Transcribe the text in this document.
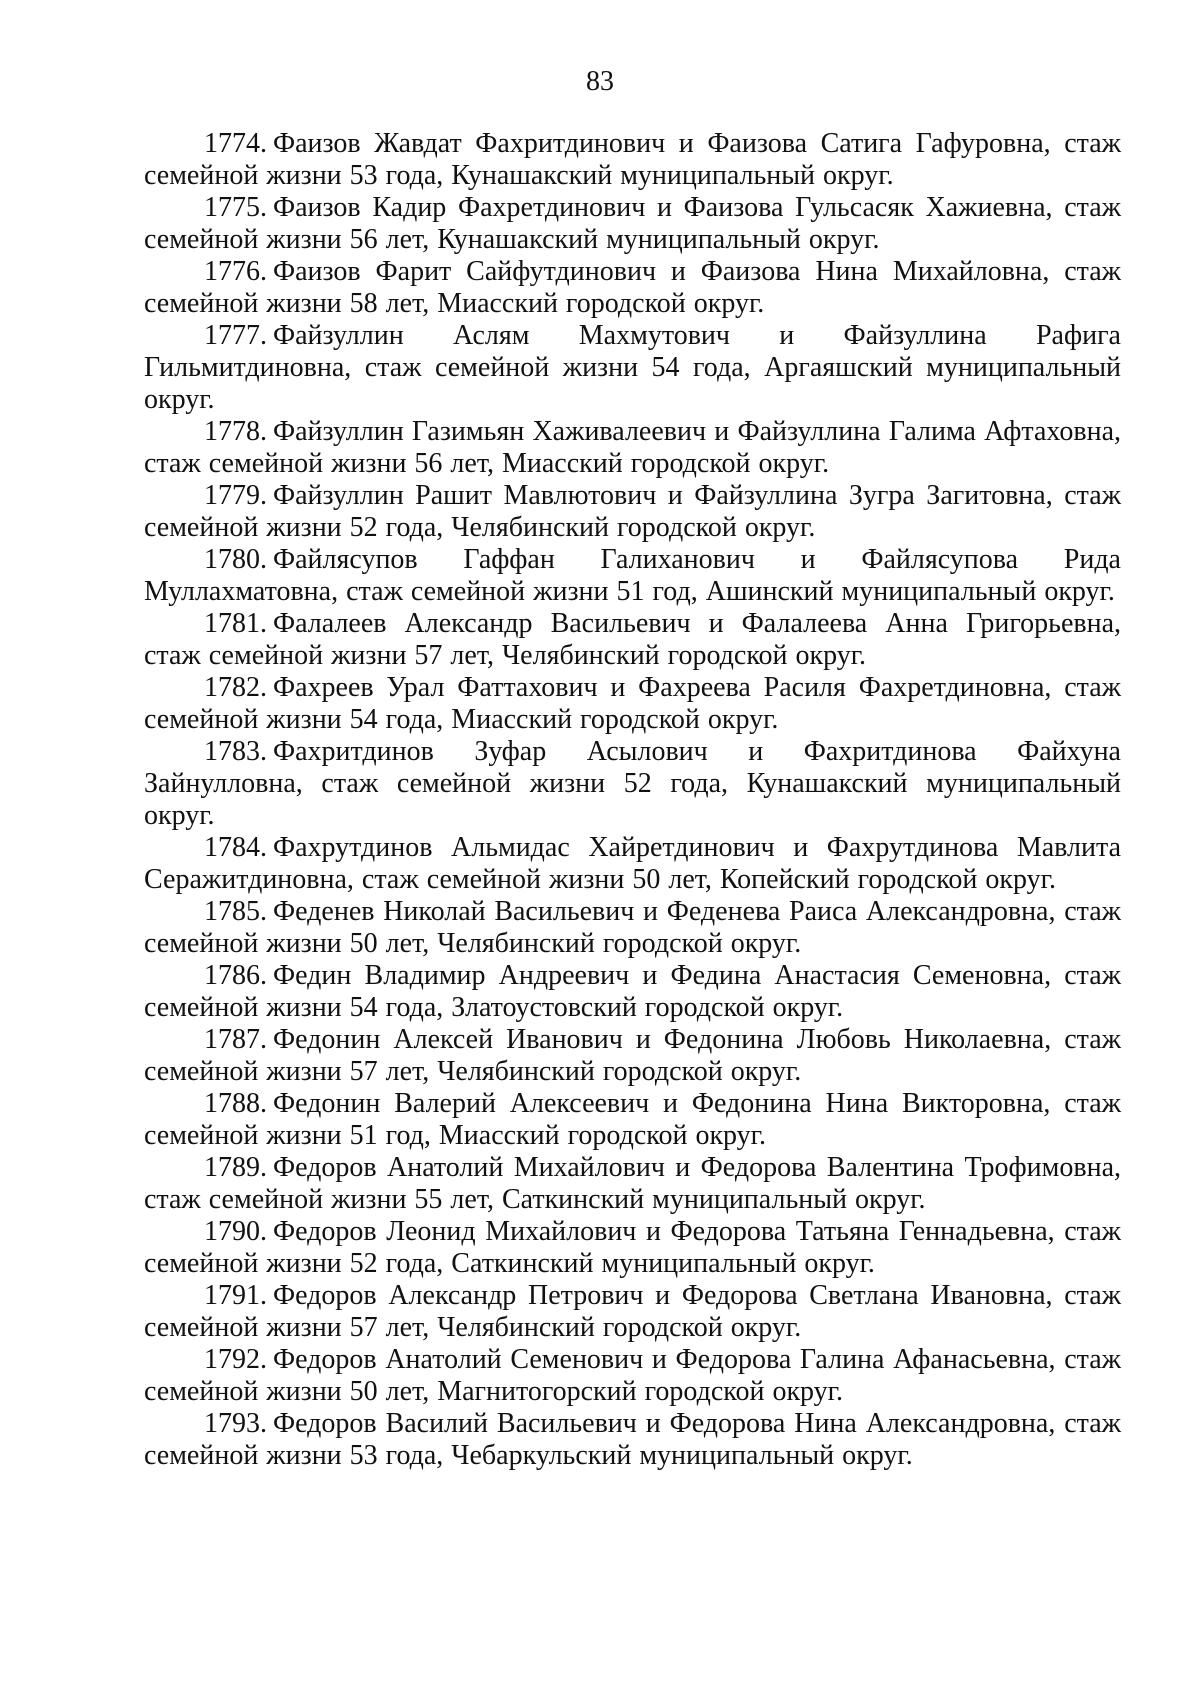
83

1774. Фаизов Жавдат Фахритдинович и Фаизова Сатига Гафуровна, стаж семейной жизни 53 года, Кунашакский муниципальный округ.

1775. Фаизов Кадир Фахретдинович и Фаизова Гульсасяк Хажиевна, стаж семейной жизни 56 лет, Кунашакский муниципальный округ.

1776. Фаизов Фарит Сайфутдинович и Фаизова Нина Михайловна, стаж семейной жизни 58 лет, Миасский городской округ.

1777. Файзуллин Аслям Махмутович и Файзуллина Рафига Гильмитдиновна, стаж семейной жизни 54 года, Аргаяшский муниципальный округ.

1778. Файзуллин Газимьян Хаживалеевич и Файзуллина Галима Афтаховна, стаж семейной жизни 56 лет, Миасский городской округ.

1779. Файзуллин Рашит Мавлютович и Файзуллина Зугра Загитовна, стаж семейной жизни 52 года, Челябинский городской округ.

1780. Файлясупов Гаффан Галиханович и Файлясупова Рида Муллахматовна, стаж семейной жизни 51 год, Ашинский муниципальный округ.

1781. Фалалеев Александр Васильевич и Фалалеева Анна Григорьевна, стаж семейной жизни 57 лет, Челябинский городской округ.

1782. Фахреев Урал Фаттахович и Фахреева Расиля Фахретдиновна, стаж семейной жизни 54 года, Миасский городской округ.

1783. Фахритдинов Зуфар Асылович и Фахритдинова Файхуна Зайнулловна, стаж семейной жизни 52 года, Кунашакский муниципальный округ.

1784. Фахрутдинов Альмидас Хайретдинович и Фахрутдинова Мавлита Серажитдиновна, стаж семейной жизни 50 лет, Копейский городской округ.

1785. Феденев Николай Васильевич и Феденева Раиса Александровна, стаж семейной жизни 50 лет, Челябинский городской округ.

1786. Федин Владимир Андреевич и Федина Анастасия Семеновна, стаж семейной жизни 54 года, Златоустовский городской округ.

1787. Федонин Алексей Иванович и Федонина Любовь Николаевна, стаж семейной жизни 57 лет, Челябинский городской округ.

1788. Федонин Валерий Алексеевич и Федонина Нина Викторовна, стаж семейной жизни 51 год, Миасский городской округ.

1789. Федоров Анатолий Михайлович и Федорова Валентина Трофимовна, стаж семейной жизни 55 лет, Саткинский муниципальный округ.

1790. Федоров Леонид Михайлович и Федорова Татьяна Геннадьевна, стаж семейной жизни 52 года, Саткинский муниципальный округ.

1791. Федоров Александр Петрович и Федорова Светлана Ивановна, стаж семейной жизни 57 лет, Челябинский городской округ.

1792. Федоров Анатолий Семенович и Федорова Галина Афанасьевна, стаж семейной жизни 50 лет, Магнитогорский городской округ.

1793. Федоров Василий Васильевич и Федорова Нина Александровна, стаж семейной жизни 53 года, Чебаркульский муниципальный округ.
